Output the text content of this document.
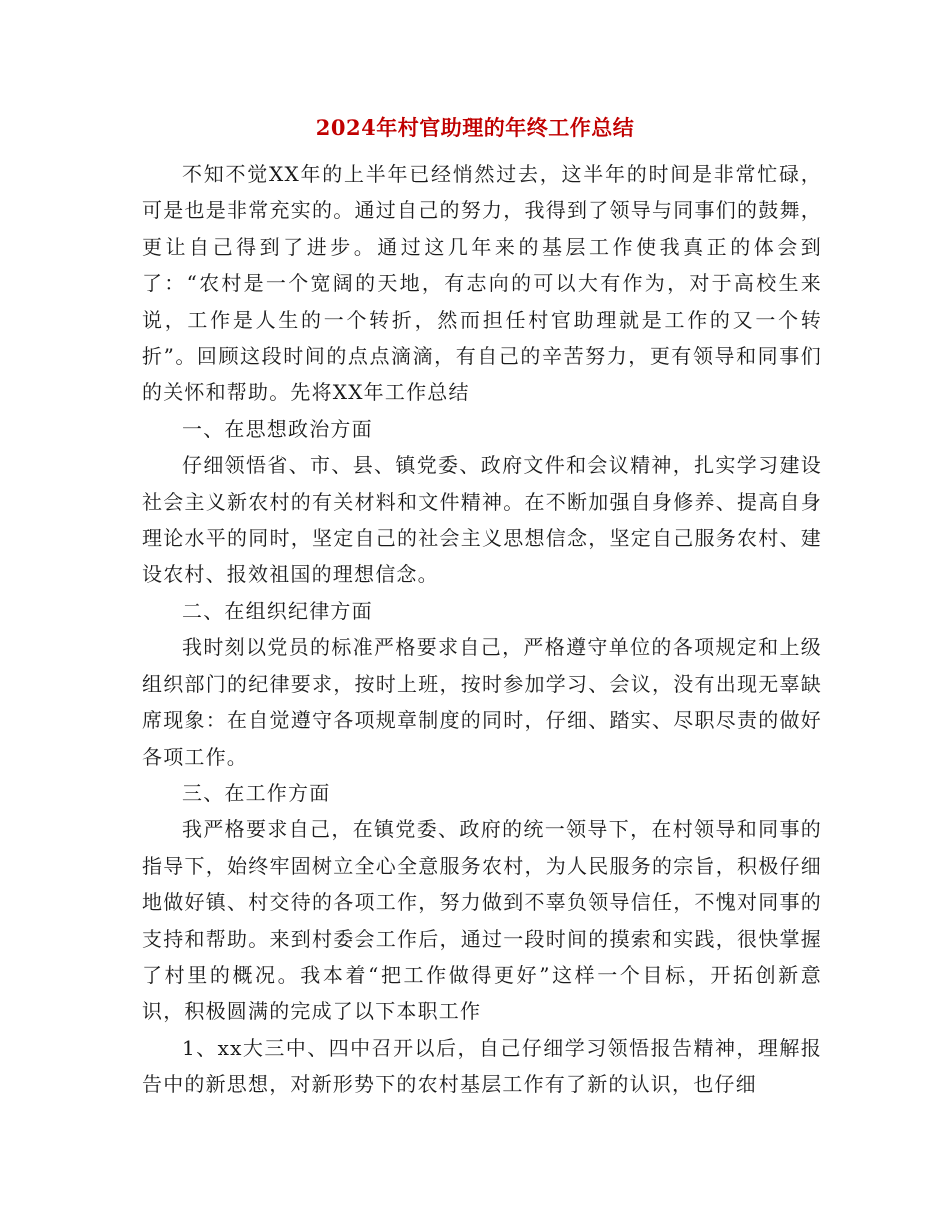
2024年村官助理的年终工作总结

不知不觉XX年的上半年已经悄然过去，这半年的时间是非常忙碌，可是也是非常充实的。通过自己的努力，我得到了领导与同事们的鼓舞，更让自己得到了进步。通过这几年来的基层工作使我真正的体会到了：“农村是一个宽阔的天地，有志向的可以大有作为，对于高校生来说，工作是人生的一个转折，然而担任村官助理就是工作的又一个转折”。回顾这段时间的点点滴滴，有自己的辛苦努力，更有领导和同事们的关怀和帮助。先将XX年工作总结

一、在思想政治方面

仔细领悟省、市、县、镇党委、政府文件和会议精神，扎实学习建设社会主义新农村的有关材料和文件精神。在不断加强自身修养、提高自身理论水平的同时，坚定自己的社会主义思想信念，坚定自己服务农村、建设农村、报效祖国的理想信念。

二、在组织纪律方面

我时刻以党员的标准严格要求自己，严格遵守单位的各项规定和上级组织部门的纪律要求，按时上班，按时参加学习、会议，没有出现无辜缺席现象：在自觉遵守各项规章制度的同时，仔细、踏实、尽职尽责的做好各项工作。

三、在工作方面

我严格要求自己，在镇党委、政府的统一领导下，在村领导和同事的指导下，始终牢固树立全心全意服务农村，为人民服务的宗旨，积极仔细地做好镇、村交待的各项工作，努力做到不辜负领导信任，不愧对同事的支持和帮助。来到村委会工作后，通过一段时间的摸索和实践，很快掌握了村里的概况。我本着“把工作做得更好”这样一个目标，开拓创新意识，积极圆满的完成了以下本职工作

1、xx大三中、四中召开以后，自己仔细学习领悟报告精神，理解报告中的新思想，对新形势下的农村基层工作有了新的认识，也仔细
